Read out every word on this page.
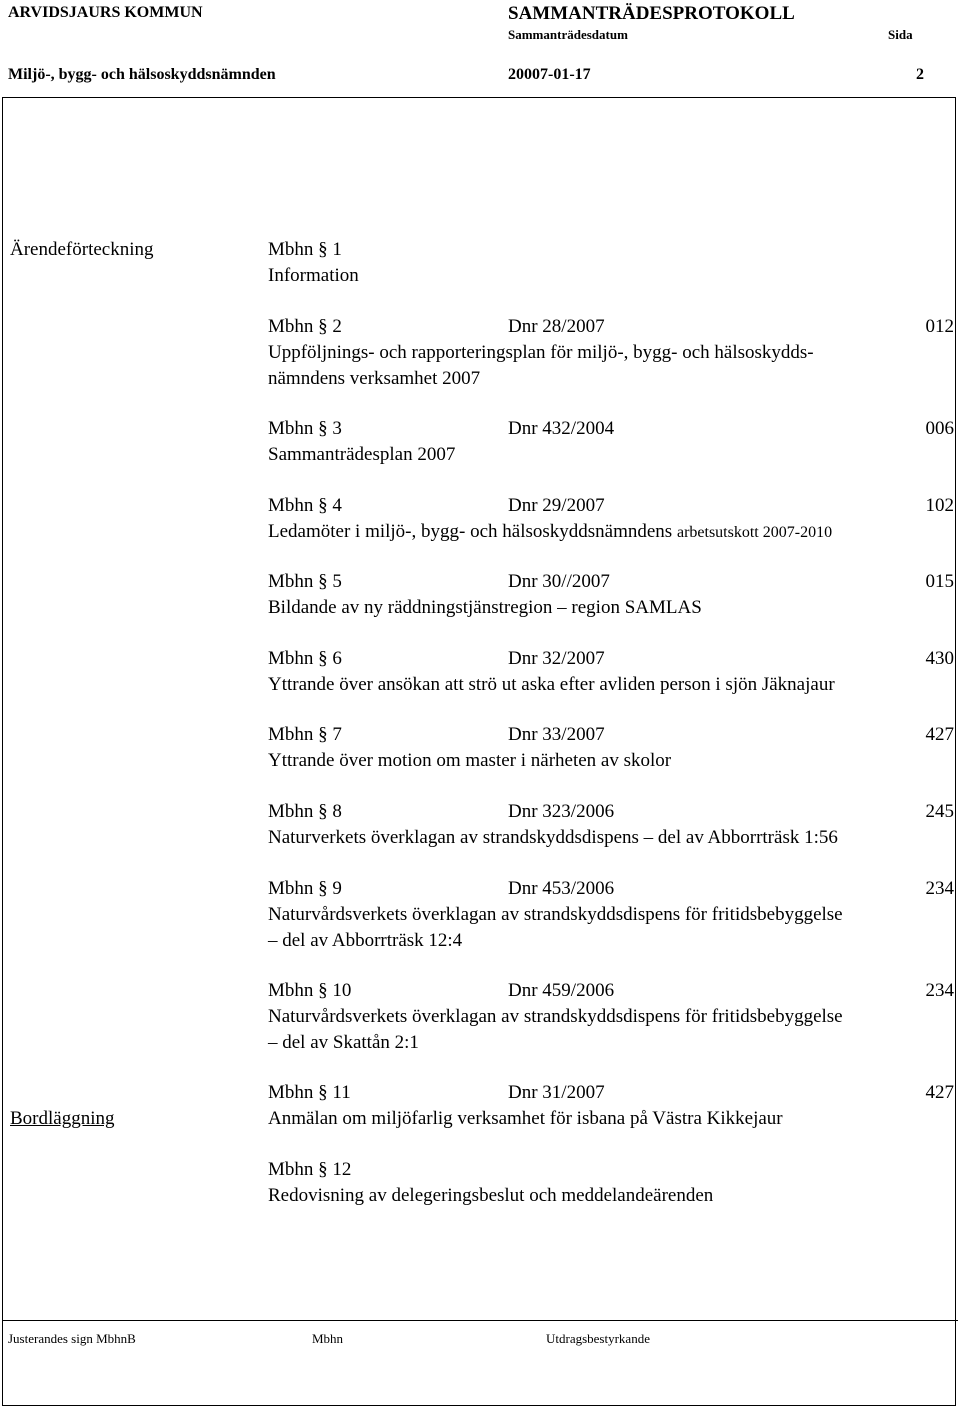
ARVIDSJAURS KOMMUN	SAMMANTRÄDESPROTOKOLL
Sammanträdesdatum	Sida
Miljö-, bygg- och hälsoskyddsnämnden	20007-01-17	2
Ärendeförteckning
Bordläggning
Mbhn § 1
Information
Mbhn § 2	Dnr 28/2007	012
Uppföljnings- och rapporteringsplan för miljö-, bygg- och hälsoskydds-
nämndens verksamhet 2007
Mbhn § 3	Dnr 432/2004	006
Sammanträdesplan 2007
Mbhn § 4	Dnr 29/2007	102
Ledamöter i miljö-, bygg- och hälsoskyddsnämndens arbetsutskott 2007-2010
Mbhn § 5	Dnr 30//2007	015
Bildande av ny räddningstjänstregion – region SAMLAS
Mbhn § 6	Dnr 32/2007	430
Yttrande över ansökan att strö ut aska efter avliden person i sjön Jäknajaur
Mbhn § 7	Dnr 33/2007	427
Yttrande över motion om master i närheten av skolor
Mbhn § 8	Dnr 323/2006	245
Naturverkets överklagan av strandskyddsdispens – del av Abborrträsk 1:56
Mbhn § 9	Dnr 453/2006	234
Naturvårdsverkets överklagan av strandskyddsdispens för fritidsbebyggelse
– del av Abborrträsk 12:4
Mbhn § 10	Dnr 459/2006	234
Naturvårdsverkets överklagan av strandskyddsdispens för fritidsbebyggelse
– del av Skattån 2:1
Mbhn § 11	Dnr 31/2007	427
Anmälan om miljöfarlig verksamhet för isbana på Västra Kikkejaur
Mbhn § 12
Redovisning av delegeringsbeslut och meddelandeärenden
Justerandes sign MbhnB	Mbhn	Utdragsbestyrkande
